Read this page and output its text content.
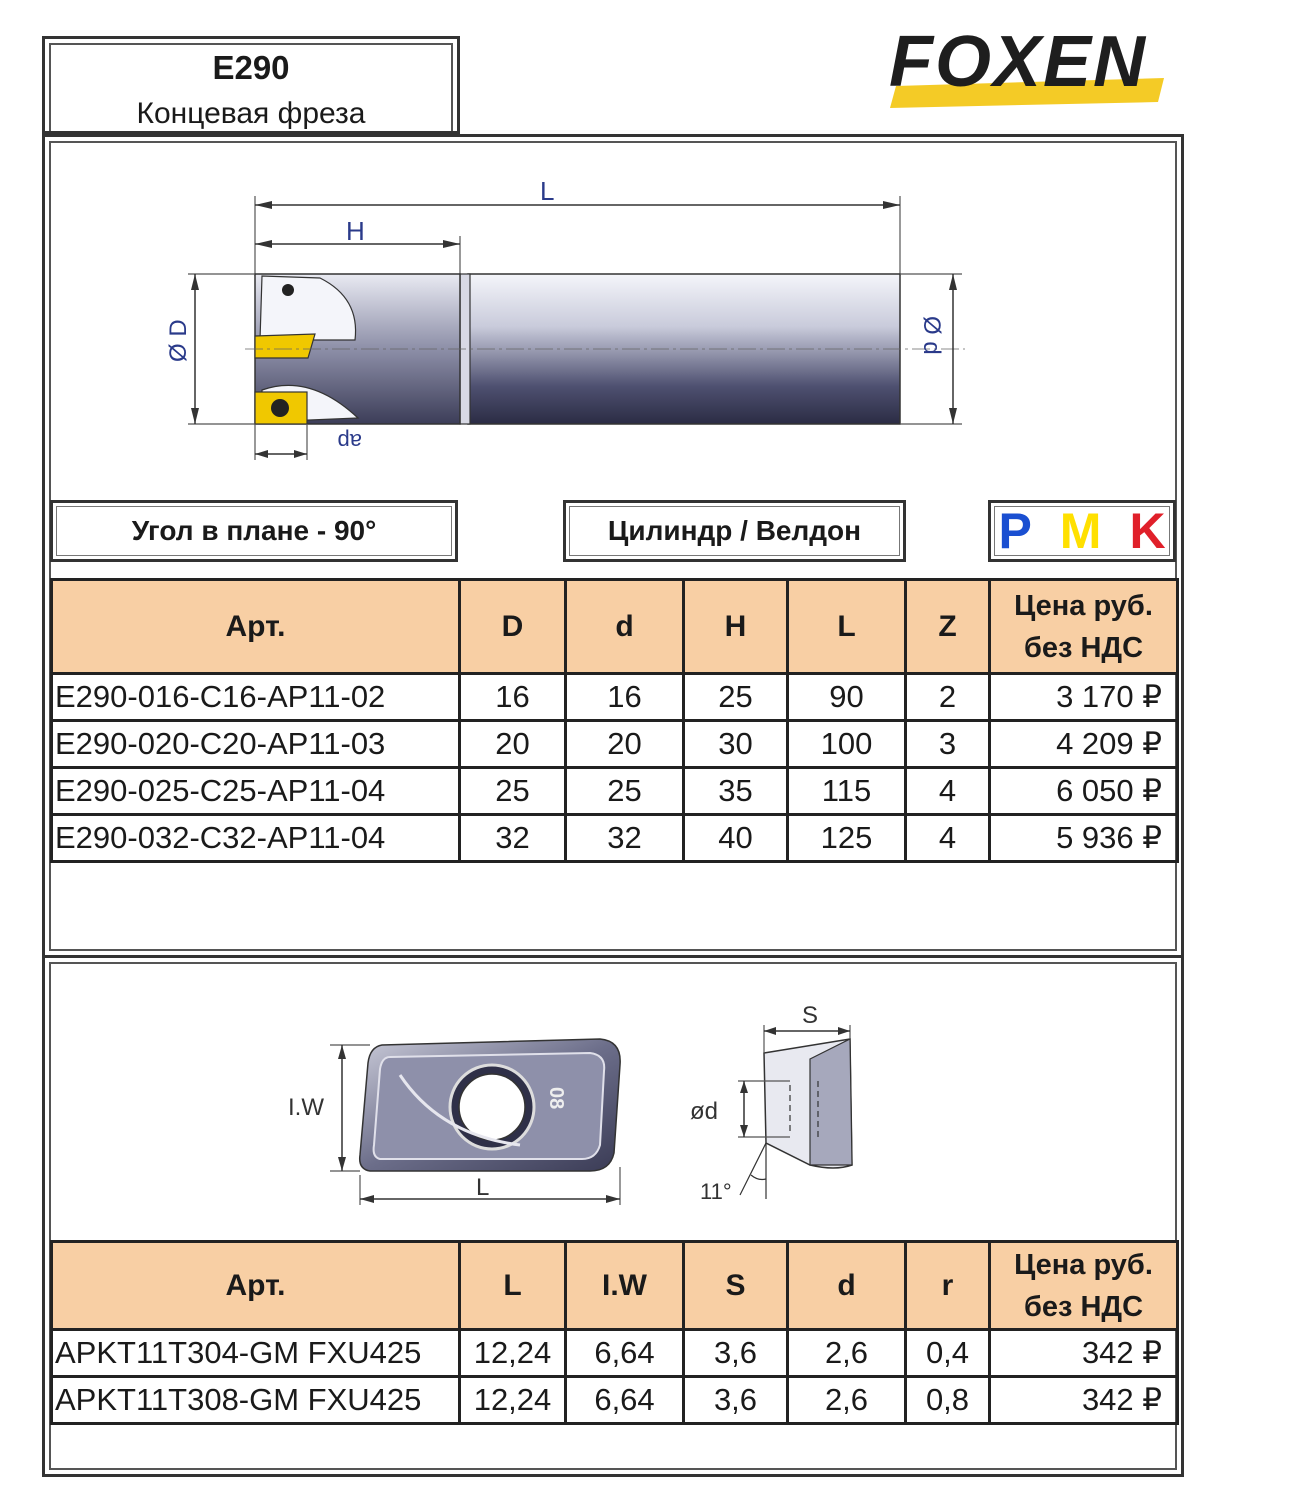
E290
Концевая фреза
FOXEN
L
H
Ø D	Ø d
ap
Угол в плане - 90°	Цилиндр / Велдон	P M K
Арт.	D	d	H	L	Z	Цена руб.
без НДС
E290-016-C16-AP11-02	16	16	25	90	2	3 170 ₽
E290-020-C20-AP11-03	20	20	30	100	3	4 209 ₽
E290-025-C25-AP11-04	25	25	35	115	4	6 050 ₽
E290-032-C32-AP11-04	32	32	40	125	4	5 936 ₽

08
I.W
L
S
ød
11°
Арт.	L	I.W	S	d	r	Цена руб.
без НДС
APKT11T304-GM FXU425	12,24	6,64	3,6	2,6	0,4	342 ₽
APKT11T308-GM FXU425	12,24	6,64	3,6	2,6	0,8	342 ₽
